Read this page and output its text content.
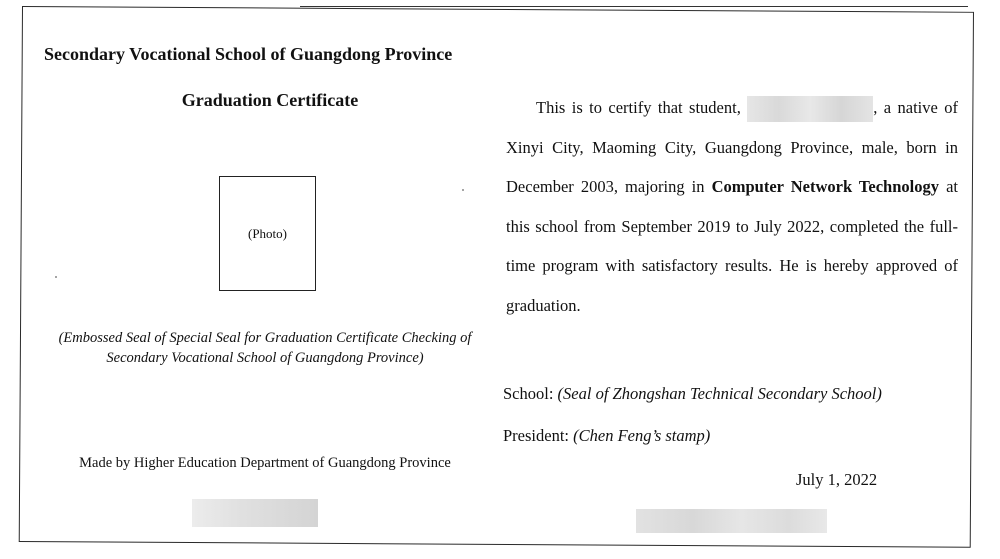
Secondary Vocational School of Guangdong Province
Graduation Certificate
(Photo)
(Embossed Seal of Special Seal for Graduation Certificate Checking of Secondary Vocational School of Guangdong Province)
Made by Higher Education Department of Guangdong Province
This is to certify that student,	, a native of Xinyi City, Maoming City, Guangdong Province, male, born in December 2003, majoring in Computer Network Technology at this school from September 2019 to July 2022, completed the full-time program with satisfactory results. He is hereby approved of graduation.
School: (Seal of Zhongshan Technical Secondary School)
President: (Chen Feng’s stamp)
July 1, 2022
